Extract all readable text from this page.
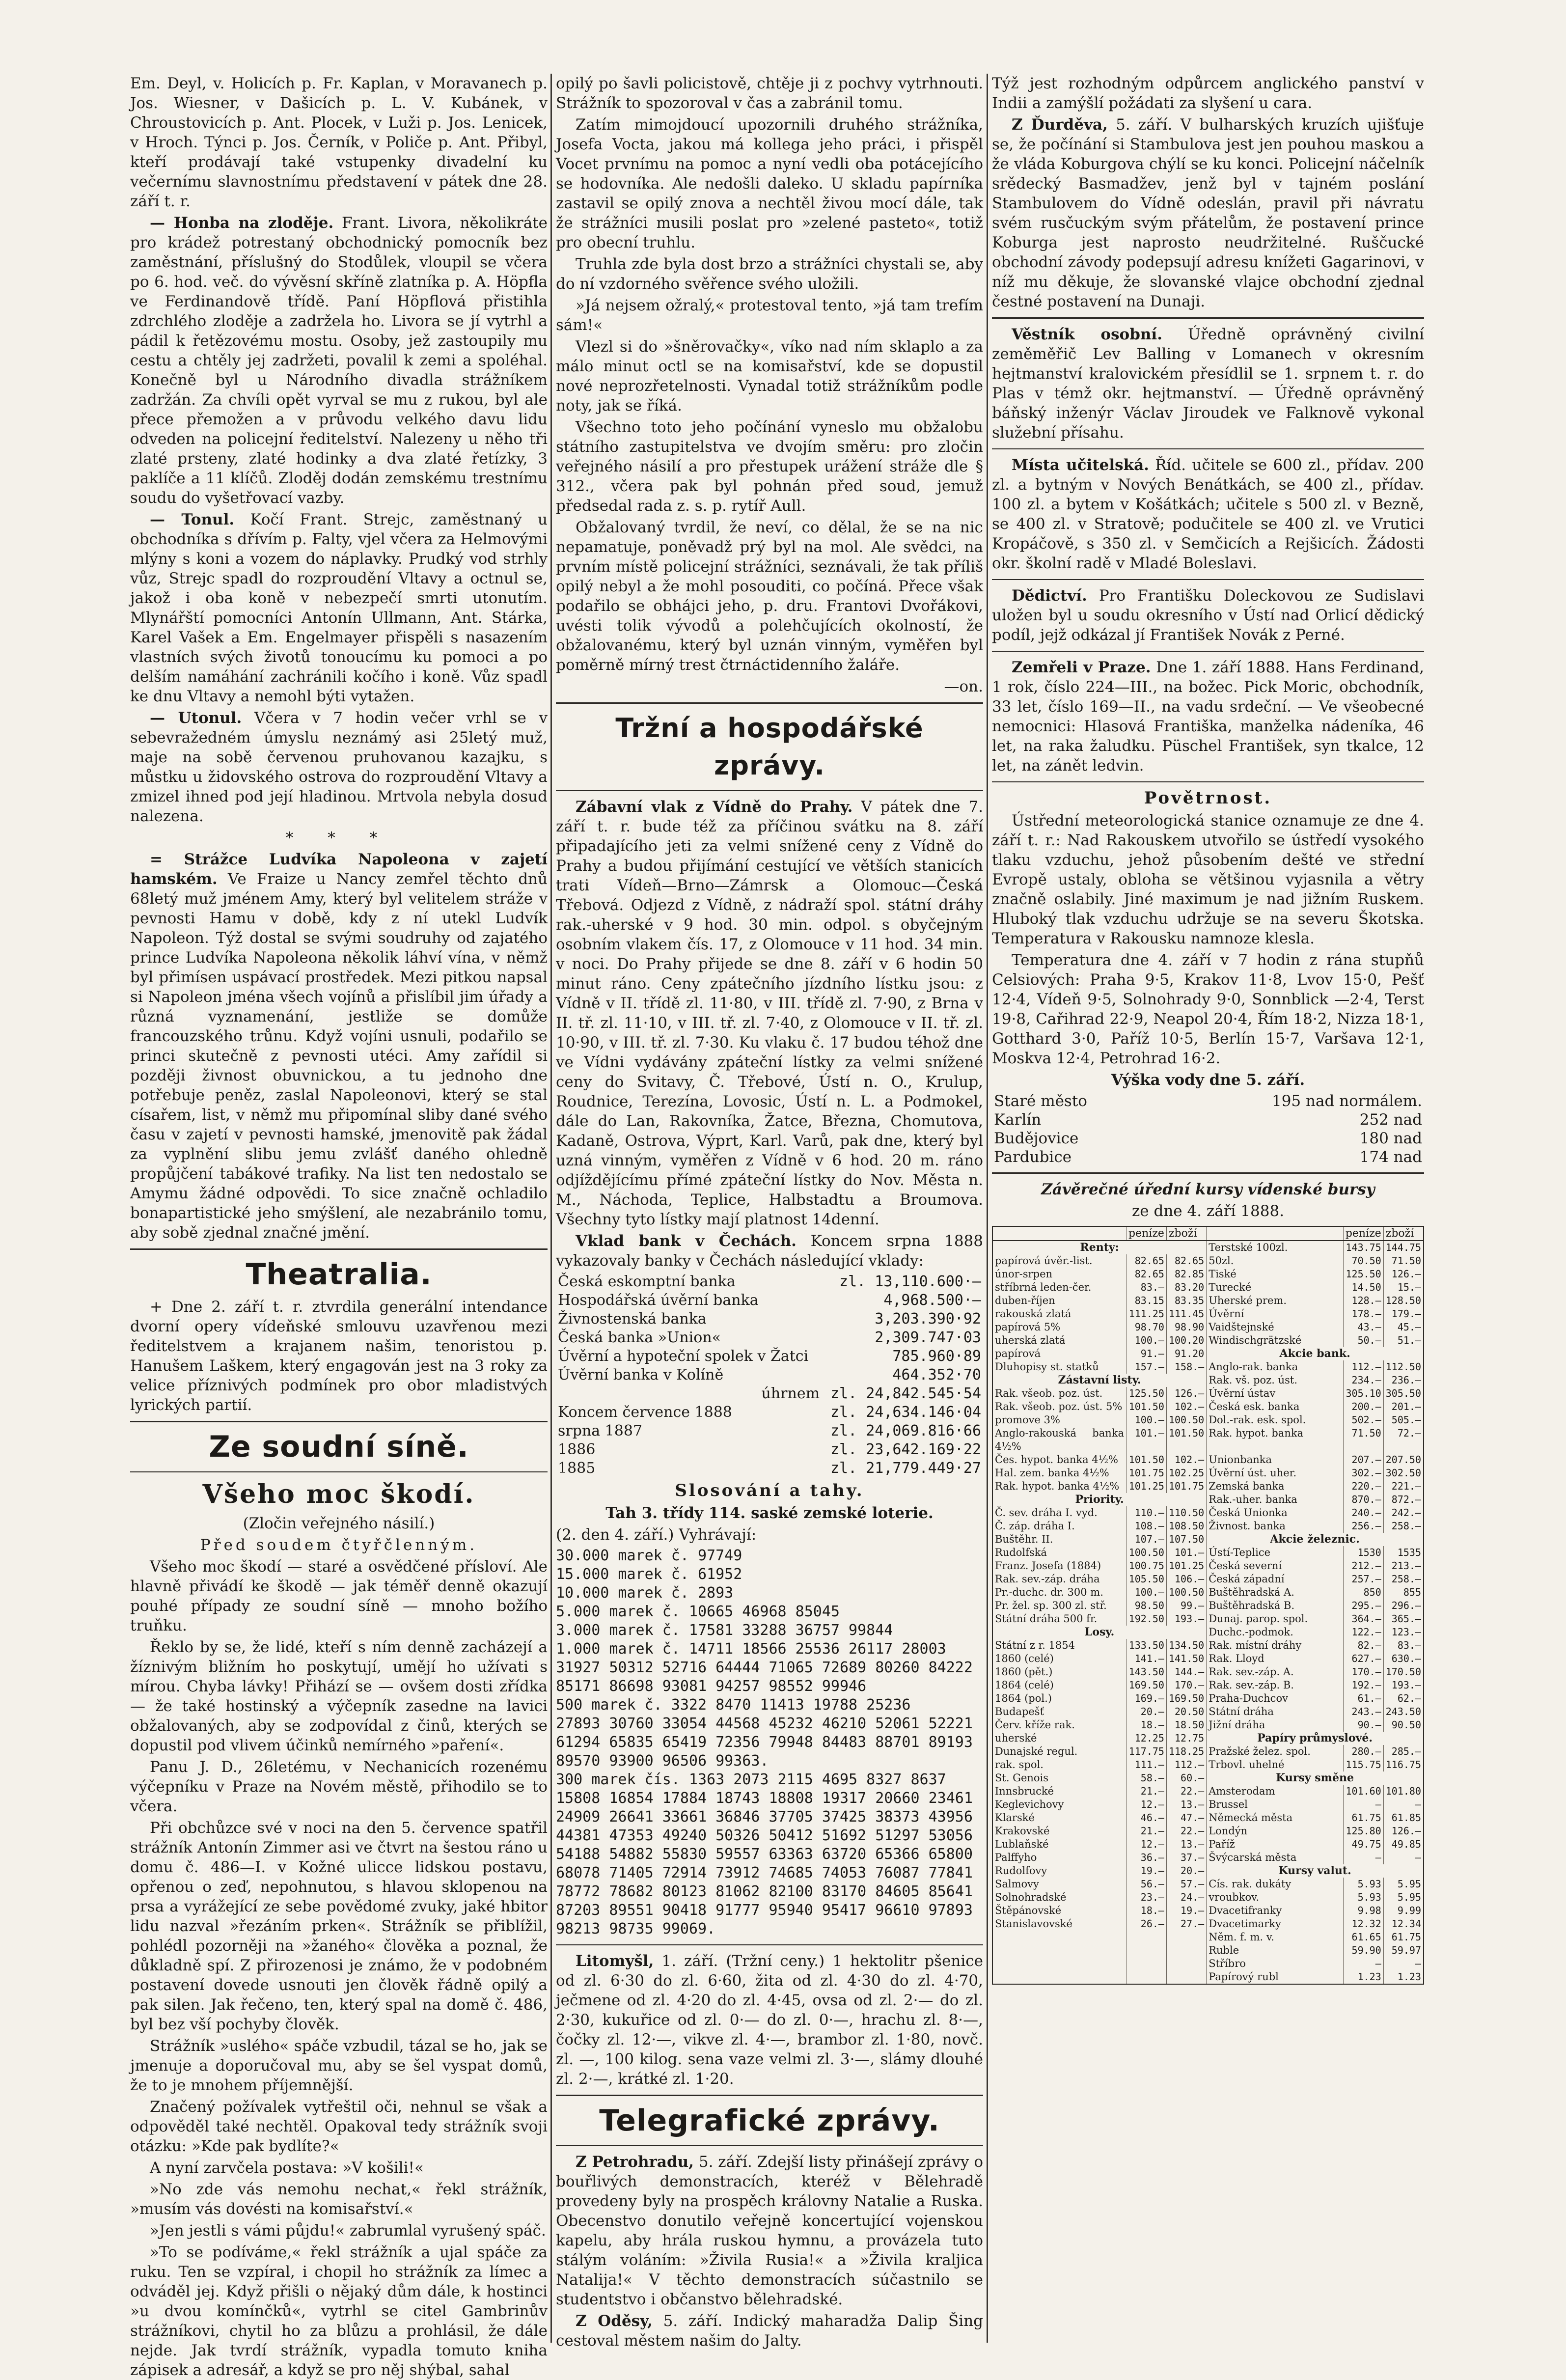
Em. Deyl, v. Holicích p. Fr. Kaplan, v Moravanech p. Jos. Wiesner, v Dašicích p. L. V. Kubánek, v Chroustovicích p. Ant. Plocek, v Luži p. Jos. Lenicek, v Hroch. Týnci p. Jos. Černík, v Poliče p. Ant. Přibyl, kteří prodávají také vstupenky divadelní ku večernímu slavnostnímu představení v pátek dne 28. září t. r.

— Honba na zloděje. Frant. Livora, několikráte pro krádež potrestaný obchodnický pomocník bez zaměstnání, příslušný do Stodůlek, vloupil se včera po 6. hod. več. do vývěsní skříně zlatníka p. A. Höpfla ve Ferdinandově třídě. Paní Höpflová přistihla zdrchlého zloděje a zadržela ho. Livora se jí vytrhl a pádil k řetězovému mostu. Osoby, jež zastoupily mu cestu a chtěly jej zadržeti, povalil k zemi a spoléhal. Konečně byl u Národního divadla strážníkem zadržán. Za chvíli opět vyrval se mu z rukou, byl ale přece přemožen a v průvodu velkého davu lidu odveden na policejní ředitelství. Nalezeny u něho tři zlaté prsteny, zlaté hodinky a dva zlaté řetízky, 3 paklíče a 11 klíčů. Zloděj dodán zemskému trestnímu soudu do vyšetřovací vazby.

— Tonul. Kočí Frant. Strejc, zaměstnaný u obchodníka s dřívím p. Falty, vjel včera za Helmovými mlýny s koni a vozem do náplavky. Prudký vod strhly vůz, Strejc spadl do rozproudění Vltavy a octnul se, jakož i oba koně v nebezpečí smrti utonutím. Mlynářští pomocníci Antonín Ullmann, Ant. Stárka, Karel Vašek a Em. Engelmayer přispěli s nasazením vlastních svých životů tonoucímu ku pomoci a po delším namáhání zachránili kočího i koně. Vůz spadl ke dnu Vltavy a nemohl býti vytažen.

— Utonul. Včera v 7 hodin večer vrhl se v sebevražedném úmyslu neznámý asi 25letý muž, maje na sobě červenou pruhovanou kazajku, s můstku u židovského ostrova do rozproudění Vltavy a zmizel ihned pod její hladinou. Mrtvola nebyla dosud nalezena.

* * *

= Strážce Ludvíka Napoleona v zajetí hamském. Ve Fraize u Nancy zemřel těchto dnů 68letý muž jménem Amy, který byl velitelem stráže v pevnosti Hamu v době, kdy z ní utekl Ludvík Napoleon. Týž dostal se svými soudruhy od zajatého prince Ludvíka Napoleona několik láhví vína, v němž byl přimísen uspávací prostředek. Mezi pitkou napsal si Napoleon jména všech vojínů a přislíbil jim úřady a různá vyznamenání, jestliže se domůže francouzského trůnu. Když vojíni usnuli, podařilo se princi skutečně z pevnosti utéci. Amy zařídil si později živnost obuvnickou, a tu jednoho dne potřebuje peněz, zaslal Napoleonovi, který se stal císařem, list, v němž mu připomínal sliby dané svého času v zajetí v pevnosti hamské, jmenovitě pak žádal za vyplnění slibu jemu zvlášť daného ohledně propůjčení tabákové trafiky. Na list ten nedostalo se Amymu žádné odpovědi. To sice značně ochladilo bonapartistické jeho smýšlení, ale nezabránilo tomu, aby sobě zjednal značné jmění.

Theatralia.

+ Dne 2. září t. r. ztvrdila generální intendance dvorní opery vídeňské smlouvu uzavřenou mezi ředitelstvem a krajanem našim, tenoristou p. Hanušem Laškem, který engagován jest na 3 roky za velice příznivých podmínek pro obor mladistvých lyrických partií.

Ze soudní síně.
Všeho moc škodí.

(Zločin veřejného násilí.)

Před soudem čtyřčlenným.

Všeho moc škodí — staré a osvědčené přísloví. Ale hlavně přivádí ke škodě — jak téměř denně okazují pouhé případy ze soudní síně — mnoho božího truňku.

Řeklo by se, že lidé, kteří s ním denně zacházejí a žíznivým bližním ho poskytují, umějí ho užívati s mírou. Chyba lávky! Přihází se — ovšem dosti zřídka — že také hostinský a výčepník zasedne na lavici obžalovaných, aby se zodpovídal z činů, kterých se dopustil pod vlivem účinků nemírného »paření«.

Panu J. D., 26letému, v Nechanicích rozenému výčepníku v Praze na Novém městě, přihodilo se to včera.

Při obchůzce své v noci na den 5. července spatřil strážník Antonín Zimmer asi ve čtvrt na šestou ráno u domu č. 486—I. v Kožné ulicce lidskou postavu, opřenou o zeď, nepohnutou, s hlavou sklopenou na prsa a vyrážející ze sebe povědomé zvuky, jaké hbitor lidu nazval »řezáním prken«. Strážník se přiblížil, pohlédl pozorněji na »žaného« člověka a poznal, že důkladně spí. Z přirozenosi je známo, že v podobném postavení dovede usnouti jen člověk řádně opilý a pak silen. Jak řečeno, ten, který spal na domě č. 486, byl bez vší pochyby člověk.

Strážník »uslého« spáče vzbudil, tázal se ho, jak se jmenuje a doporučoval mu, aby se šel vyspat domů, že to je mnohem příjemnější.

Značený požívalek vytřeštil oči, nehnul se však a odpověděl také nechtěl. Opakoval tedy strážník svoji otázku: »Kde pak bydlíte?«

A nyní zarvčela postava: »V košili!«

»No zde vás nemohu nechat,« řekl strážník, »musím vás dovésti na komisařství.«

»Jen jestli s vámi půjdu!« zabrumlal vyrušený spáč.

»To se podíváme,« řekl strážník a ujal spáče za ruku. Ten se vzpíral, i chopil ho strážník za límec a odváděl jej. Když přišli o nějaký dům dále, k hostinci »u dvou komínčků«, vytrhl se citel Gambrinův strážníkovi, chytil ho za blůzu a prohlásil, že dále nejde. Jak tvrdí strážník, vypadla tomuto kniha zápisek a adresář, a když se pro něj shýbal, sahal

opilý po šavli policistově, chtěje ji z pochvy vytrhnouti. Strážník to spozoroval v čas a zabránil tomu.

Zatím mimojdoucí upozornili druhého strážníka, Josefa Vocta, jakou má kollega jeho práci, i přispěl Vocet prvnímu na pomoc a nyní vedli oba potácejícího se hodovníka. Ale nedošli daleko. U skladu papírníka zastavil se opilý znova a nechtěl živou mocí dále, tak že strážníci musili poslat pro »zelené pasteto«, totiž pro obecní truhlu.

Truhla zde byla dost brzo a strážníci chystali se, aby do ní vzdorného svěřence svého uložili.

»Já nejsem ožralý,« protestoval tento, »já tam trefím sám!«

Vlezl si do »šněrovačky«, víko nad ním sklaplo a za málo minut octl se na komisařství, kde se dopustil nové neprozřetelnosti. Vynadal totiž strážníkům podle noty, jak se říká.

Všechno toto jeho počínání vyneslo mu obžalobu státního zastupitelstva ve dvojím směru: pro zločin veřejného násilí a pro přestupek urážení stráže dle § 312., včera pak byl pohnán před soud, jemuž předsedal rada z. s. p. rytíř Aull.

Obžalovaný tvrdil, že neví, co dělal, že se na nic nepamatuje, poněvadž prý byl na mol. Ale svědci, na prvním místě policejní strážníci, seznávali, že tak příliš opilý nebyl a že mohl posouditi, co počíná. Přece však podařilo se obhájci jeho, p. dru. Frantovi Dvořákovi, uvésti tolik vývodů a polehčujících okolností, že obžalovanému, který byl uznán vinným, vyměřen byl poměrně mírný trest čtrnáctidenního žaláře.

—on.

Tržní a hospodářské zprávy.

Zábavní vlak z Vídně do Prahy. V pátek dne 7. září t. r. bude též za příčinou svátku na 8. září připadajícího jeti za velmi snížené ceny z Vídně do Prahy a budou přijímání cestující ve větších stanicích trati Vídeň—Brno—Zámrsk a Olomouc—Česká Třebová. Odjezd z Vídně, z nádraží spol. státní dráhy rak.-uherské v 9 hod. 30 min. odpol. s obyčejným osobním vlakem čís. 17, z Olomouce v 11 hod. 34 min. v noci. Do Prahy přijede se dne 8. září v 6 hodin 50 minut ráno. Ceny zpátečního jízdního lístku jsou: z Vídně v II. třídě zl. 11·80, v III. třídě zl. 7·90, z Brna v II. tř. zl. 11·10, v III. tř. zl. 7·40, z Olomouce v II. tř. zl. 10·90, v III. tř. zl. 7·30. Ku vlaku č. 17 budou téhož dne ve Vídni vydávány zpáteční lístky za velmi snížené ceny do Svitavy, Č. Třebové, Ústí n. O., Krulup, Roudnice, Terezína, Lovosic, Ústí n. L. a Podmokel, dále do Lan, Rakovníka, Žatce, Března, Chomutova, Kadaně, Ostrova, Výprt, Karl. Varů, pak dne, který byl uzná vinným, vyměřen z Vídně v 6 hod. 20 m. ráno odjíždějícímu přímé zpáteční lístky do Nov. Města n. M., Náchoda, Teplice, Halbstadtu a Broumova. Všechny tyto lístky mají platnost 14denní.

Vklad bank v Čechách. Koncem srpna 1888 vykazovaly banky v Čechách následující vklady:

Česká eskomptní banka	zl. 13,110.600·—
Hospodářská úvěrní banka	4,968.500·—
Živnostenská banka	3,203.390·92
Česká banka »Union«	2,309.747·03
Úvěrní a hypoteční spolek v Žatci	785.960·89
Úvěrní banka v Kolíně	464.352·70
úhrnem	zl. 24,842.545·54
Koncem července 1888	zl. 24,634.146·04
srpna 1887	zl. 24,069.816·66
1886	zl. 23,642.169·22
1885	zl. 21,779.449·27
Slosování a tahy.

Tah 3. třídy 114. saské zemské loterie.

(2. den 4. září.) Vyhrávají:

30.000 marek č. 97749
15.000 marek č. 61952
10.000 marek č. 2893
5.000 marek č. 10665 46968 85045
3.000 marek č. 17581 33288 36757 99844
1.000 marek č. 14711 18566 25536 26117 28003
31927 50312 52716 64444 71065 72689 80260 84222
85171 86698 93081 94257 98552 99946
500 marek č. 3322 8470 11413 19788 25236
27893 30760 33054 44568 45232 46210 52061 52221
61294 65835 65419 72356 79948 84483 88701 89193
89570 93900 96506 99363.
300 marek čís. 1363 2073 2115 4695 8327 8637
15808 16854 17884 18743 18808 19317 20660 23461
24909 26641 33661 36846 37705 37425 38373 43956
44381 47353 49240 50326 50412 51692 51297 53056
54188 54882 55830 59557 63363 63720 65366 65800
68078 71405 72914 73912 74685 74053 76087 77841
78772 78682 80123 81062 82100 83170 84605 85641
87203 89551 90418 91777 95940 95417 96610 97893
98213 98735 99069.

Litomyšl, 1. září. (Tržní ceny.) 1 hektolitr pšenice od zl. 6·30 do zl. 6·60, žita od zl. 4·30 do zl. 4·70, ječmene od zl. 4·20 do zl. 4·45, ovsa od zl. 2·— do zl. 2·30, kukuřice od zl. 0·— do zl. 0·—, hrachu zl. 8·—, čočky zl. 12·—, vikve zl. 4·—, brambor zl. 1·80, novč. zl. —, 100 kilog. sena vaze velmi zl. 3·—, slámy dlouhé zl. 2·—, krátké zl. 1·20.

Telegrafické zprávy.

Z Petrohradu, 5. září. Zdejší listy přinášejí zprávy o bouřlivých demonstracích, kteréž v Bělehradě provedeny byly na prospěch královny Natalie a Ruska. Obecenstvo donutilo veřejně koncertující vojenskou kapelu, aby hrála ruskou hymnu, a provázela tuto stálým voláním: »Živila Rusia!« a »Živila kraljica Natalija!« V těchto demonstracích súčastnilo se studentstvo i občanstvo bělehradské.

Z Oděsy, 5. září. Indický maharadža Dalip Šing cestoval městem našim do Jalty.

Týž jest rozhodným odpůrcem anglického panství v Indii a zamýšlí požádati za slyšení u cara.

Z Ďurděva, 5. září. V bulharských kruzích ujišťuje se, že počínání si Stambulova jest jen pouhou maskou a že vláda Koburgova chýlí se ku konci. Policejní náčelník srědecký Basmadžev, jenž byl v tajném poslání Stambulovem do Vídně odeslán, pravil při návratu svém rusčuckým svým přátelům, že postavení prince Koburga jest naprosto neudržitelné. Ruščucké obchodní závody podepsují adresu knížeti Gagarinovi, v níž mu děkuje, že slovanské vlajce obchodní zjednal čestné postavení na Dunaji.

Věstník osobní. Úředně oprávněný civilní zeměměřič Lev Balling v Lomanech v okresním hejtmanství kralovickém přesídlil se 1. srpnem t. r. do Plas v témž okr. hejtmanství. — Úředně oprávněný báňský inženýr Václav Jiroudek ve Falknově vykonal služební přísahu.

Místa učitelská. Říd. učitele se 600 zl., přídav. 200 zl. a bytným v Nových Benátkách, se 400 zl., přídav. 100 zl. a bytem v Košátkách; učitele s 500 zl. v Bezně, se 400 zl. v Stratově; podučitele se 400 zl. ve Vrutici Kropáčově, s 350 zl. v Semčicích a Rejšicích. Žádosti okr. školní radě v Mladé Boleslavi.

Dědictví. Pro Františku Doleckovou ze Sudislavi uložen byl u soudu okresního v Ústí nad Orlicí dědický podíl, jejž odkázal jí František Novák z Perné.

Zemřeli v Praze. Dne 1. září 1888. Hans Ferdinand, 1 rok, číslo 224—III., na božec. Pick Moric, obchodník, 33 let, číslo 169—II., na vadu srdeční. — Ve všeobecné nemocnici: Hlasová Františka, manželka nádeníka, 46 let, na raka žaludku. Püschel František, syn tkalce, 12 let, na zánět ledvin.

Povětrnost.

Ústřední meteorologická stanice oznamuje ze dne 4. září t. r.: Nad Rakouskem utvořilo se ústředí vysokého tlaku vzduchu, jehož působením dešté ve střední Evropě ustaly, obloha se většinou vyjasnila a větry značně oslabily. Jiné maximum je nad jižním Ruskem. Hluboký tlak vzduchu udržuje se na severu Škotska. Temperatura v Rakousku namnoze klesla.

Temperatura dne 4. září v 7 hodin z rána stupňů Celsiových: Praha 9·5, Krakov 11·8, Lvov 15·0, Pešť 12·4, Vídeň 9·5, Solnohrady 9·0, Sonnblick —2·4, Terst 19·8, Cařihrad 22·9, Neapol 20·4, Řím 18·2, Nizza 18·1, Gotthard 3·0, Paříž 10·5, Berlín 15·7, Varšava 12·1, Moskva 12·4, Petrohrad 16·2.

Výška vody dne 5. září.

Staré město	195 nad normálem.
Karlín	252 nad
Budějovice	180 nad
Pardubice	174 nad

Závěrečné úřední kursy vídenské bursy

ze dne 4. září 1888.

	peníze	zboží		peníze	zboží
Renty:			Terstské 100zl.	143.75	144.75
papírová úvěr.-list.	82.65	82.65	50zl.	70.50	71.50
únor-srpen	82.65	82.85	Tiské	125.50	126.—
stříbrná leden-čer.	83.—	83.20	Turecké	14.50	15.—
duben-říjen	83.15	83.35	Uherské prem.	128.—	128.50
rakouská zlatá	111.25	111.45	Úvěrní	178.—	179.—
papírová 5%	98.70	98.90	Vaidštejnské	43.—	45.—
uherská zlatá	100.—	100.20	Windischgrätzské	50.—	51.—
papírová	91.—	91.20	Akcie bank.		
Dluhopisy st. statků	157.—	158.—	Anglo-rak. banka	112.—	112.50
Zástavní listy.			Rak. vš. poz. úst.	234.—	236.—
Rak. všeob. poz. úst.	125.50	126.—	Úvěrní ústav	305.10	305.50
Rak. všeob. poz. úst. 5%	101.50	102.—	Česká esk. banka	200.—	201.—
promove 3%	100.—	100.50	Dol.-rak. esk. spol.	502.—	505.—
Anglo-rakouská banka 4½%	101.—	101.50	Rak. hypot. banka	71.50	72.—
Čes. hypot. banka 4½%	101.50	102.—	Unionbanka	207.—	207.50
Hal. zem. banka 4½%	101.75	102.25	Úvěrní úst. uher.	302.—	302.50
Rak. hypot. banka 4½%	101.25	101.75	Zemská banka	220.—	221.—
Priority.			Rak.-uher. banka	870.—	872.—
Č. sev. dráha I. vyd.	110.—	110.50	Česká Unionka	240.—	242.—
Č. záp. dráha I.	108.—	108.50	Živnost. banka	256.—	258.—
Buštěhr. II.	107.—	107.50	Akcie železnic.		
Rudolfská	100.50	101.—	Ústí-Teplice	1530	1535
Franz. Josefa (1884)	100.75	101.25	Česká severní	212.—	213.—
Rak. sev.-záp. dráha	105.50	106.—	Česká západní	257.—	258.—
Pr.-duchc. dr. 300 m.	100.—	100.50	Buštěhradská A.	850	855
Pr. žel. sp. 300 zl. stř.	98.50	99.—	Buštěhradská B.	295.—	296.—
Státní dráha 500 fr.	192.50	193.—	Dunaj. parop. spol.	364.—	365.—
Losy.			Duchc.-podmok.	122.—	123.—
Státní z r. 1854	133.50	134.50	Rak. místní dráhy	82.—	83.—
1860 (celé)	141.—	141.50	Rak. Lloyd	627.—	630.—
1860 (pět.)	143.50	144.—	Rak. sev.-záp. A.	170.—	170.50
1864 (celé)	169.50	170.—	Rak. sev.-záp. B.	192.—	193.—
1864 (pol.)	169.—	169.50	Praha-Duchcov	61.—	62.—
Budapešť	20.—	20.50	Státní dráha	243.—	243.50
Červ. kříže rak.	18.—	18.50	Jižní dráha	90.—	90.50
uherské	12.25	12.75	Papíry průmyslové.		
Dunajské regul.	117.75	118.25	Pražské želez. spol.	280.—	285.—
rak. spol.	111.—	112.—	Trbovl. uhelné	115.75	116.75
St. Genois	58.—	60.—	Kursy směne		
Innsbrucké	21.—	22.—	Amsterodam	101.60	101.80
Keglevichovy	12.—	13.—	Brussel	—	—
Klarské	46.—	47.—	Německá města	61.75	61.85
Krakovské	21.—	22.—	Londýn	125.80	126.—
Lublaňské	12.—	13.—	Paříž	49.75	49.85
Palffyho	36.—	37.—	Švýcarská města	—	—
Rudolfovy	19.—	20.—	Kursy valut.		
Salmovy	56.—	57.—	Cís. rak. dukáty	5.93	5.95
Solnohradské	23.—	24.—	vroubkov.	5.93	5.95
Štěpánovské	18.—	19.—	Dvacetifranky	9.98	9.99
Stanislavovské	26.—	27.—	Dvacetimarky	12.32	12.34
			Něm. f. m. v.	61.65	61.75
			Ruble	59.90	59.97
			Stříbro	—	—
			Papírový rubl	1.23	1.23
